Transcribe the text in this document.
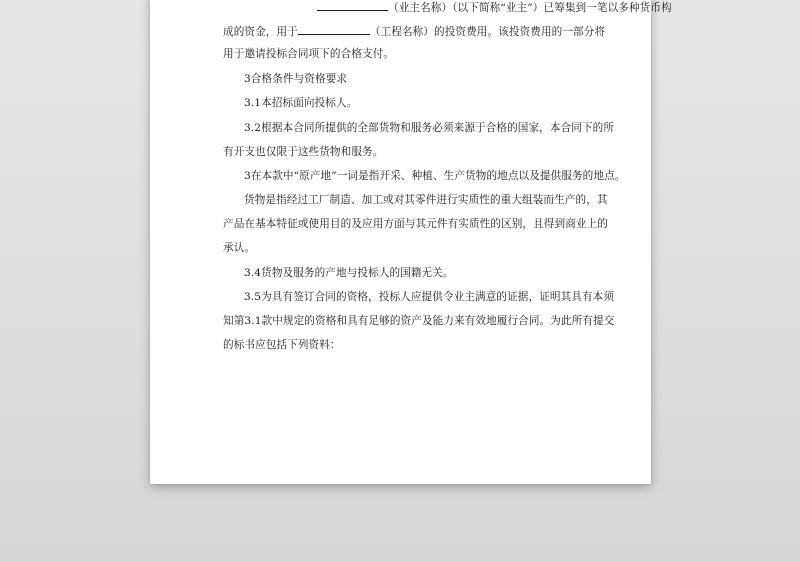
（业主名称）（以下简称“业主”）已筹集到一笔以多种货币构
成的资金，用于	（工程名称）的投资费用。该投资费用的一部分将
用于邀请投标合同项下的合格支付。
3合格条件与资格要求
3.1本招标面向投标人。
3.2根据本合同所提供的全部货物和服务必须来源于合格的国家，本合同下的所
有开支也仅限于这些货物和服务。
3在本款中“原产地”一词是指开采、种植、生产货物的地点以及提供服务的地点。
货物是指经过工厂制造、加工或对其零件进行实质性的重大组装而生产的，其
产品在基本特征或使用目的及应用方面与其元件有实质性的区别，且得到商业上的
承认。
3.4货物及服务的产地与投标人的国籍无关。
3.5为具有签订合同的资格，投标人应提供令业主满意的证据，证明其具有本须
知第3.1款中规定的资格和具有足够的资产及能力来有效地履行合同。为此所有提交
的标书应包括下列资料：
